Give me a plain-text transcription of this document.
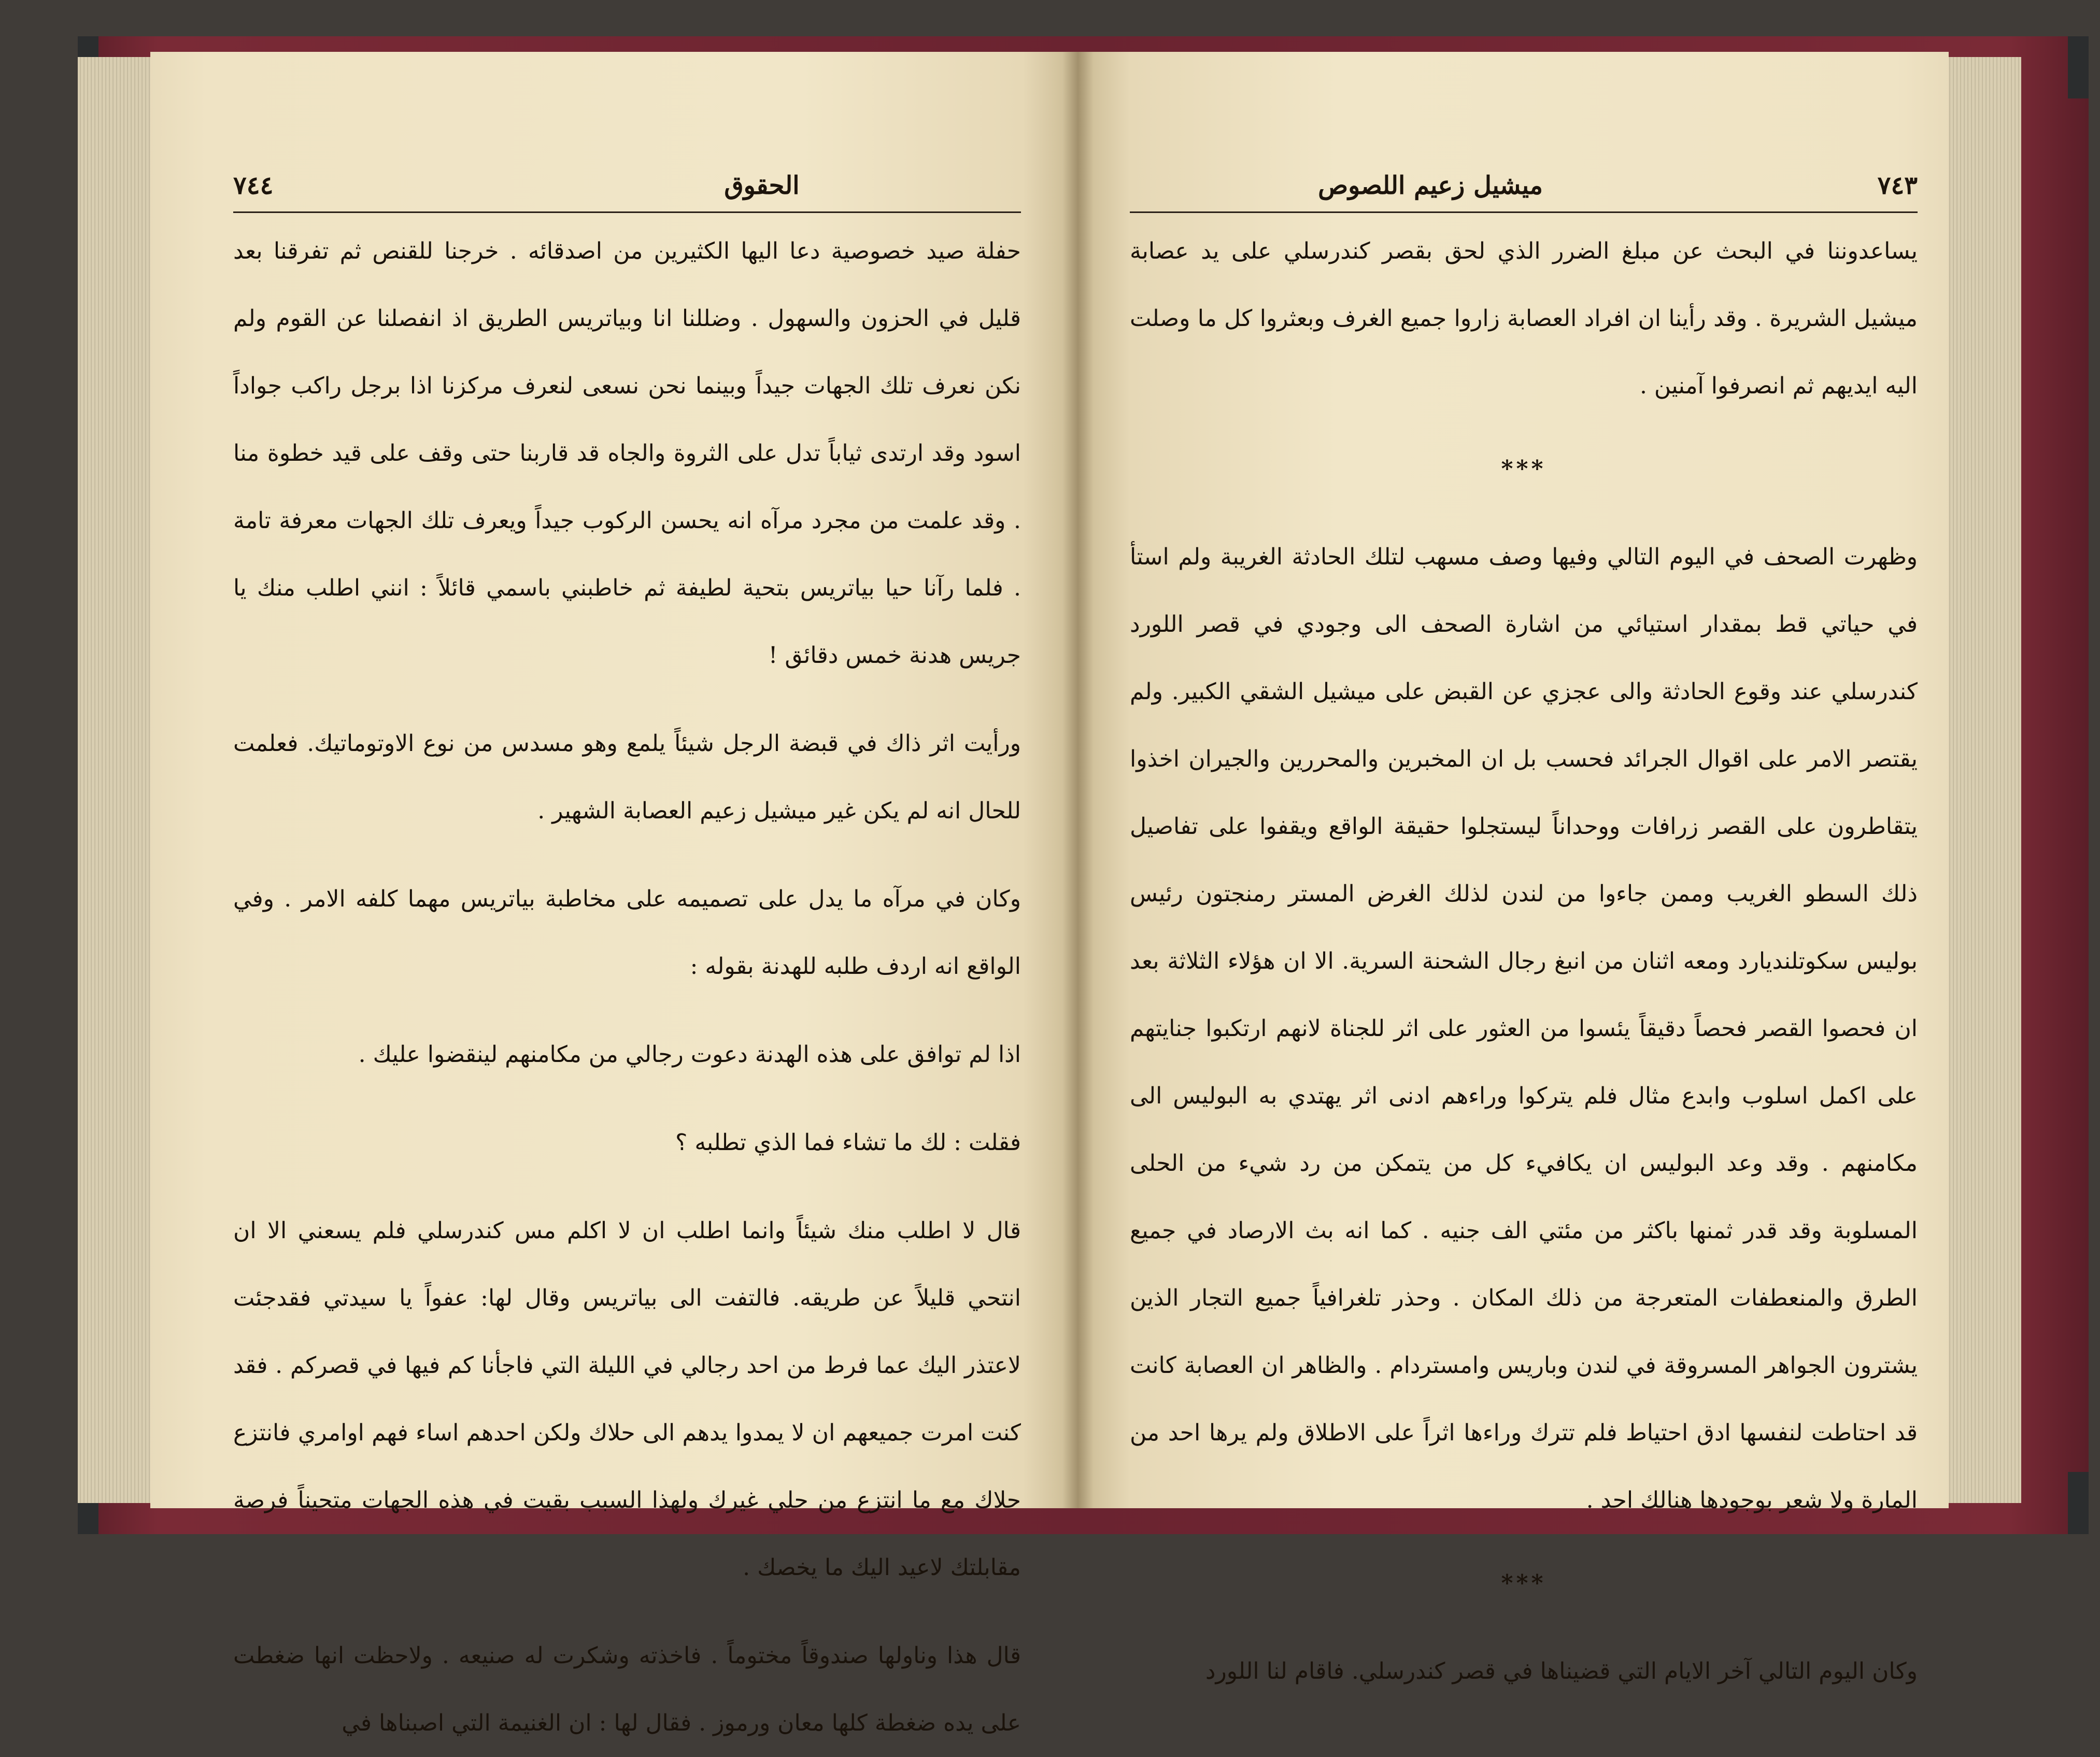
الحقوق
٧٤٤

حفلة صيد خصوصية دعا اليها الكثيرين من اصدقائه . خرجنا للقنص ثم تفرقنا بعد قليل في الحزون والسهول . وضللنا انا وبياتريس الطريق اذ انفصلنا عن القوم ولم نكن نعرف تلك الجهات جيداً وبينما نحن نسعى لنعرف مركزنا اذا برجل راكب جواداً اسود وقد ارتدى ثياباً تدل على الثروة والجاه قد قاربنا حتى وقف على قيد خطوة منا . وقد علمت من مجرد مرآه انه يحسن الركوب جيداً ويعرف تلك الجهات معرفة تامة . فلما رآنا حيا بياتريس بتحية لطيفة ثم خاطبني باسمي قائلاً : انني اطلب منك يا جريس هدنة خمس دقائق !

ورأيت اثر ذاك في قبضة الرجل شيئاً يلمع وهو مسدس من نوع الاوتوماتيك. فعلمت للحال انه لم يكن غير ميشيل زعيم العصابة الشهير .

وكان في مرآه ما يدل على تصميمه على مخاطبة بياتريس مهما كلفه الامر . وفي الواقع انه اردف طلبه للهدنة بقوله :

اذا لم توافق على هذه الهدنة دعوت رجالي من مكامنهم لينقضوا عليك .

فقلت : لك ما تشاء فما الذي تطلبه ؟

قال لا اطلب منك شيئاً وانما اطلب ان لا اكلم مس كندرسلي فلم يسعني الا ان انتحي قليلاً عن طريقه. فالتفت الى بياتريس وقال لها: عفواً يا سيدتي فقدجئت لاعتذر اليك عما فرط من احد رجالي في الليلة التي فاجأنا كم فيها في قصركم . فقد كنت امرت جميعهم ان لا يمدوا يدهم الى حلاك ولكن احدهم اساء فهم اوامري فانتزع حلاك مع ما انتزع من حلي غيرك ولهذا السبب بقيت في هذه الجهات متحيناً فرصة مقابلتك لاعيد اليك ما يخصك .

قال هذا وناولها صندوقاً مختوماً . فاخذته وشكرت له صنيعه . ولاحظت انها ضغطت على يده ضغطة كلها معان ورموز . فقال لها : ان الغنيمة التي اصبناها في

٧٤٣
ميشيل زعيم اللصوص

يساعدوننا في البحث عن مبلغ الضرر الذي لحق بقصر كندرسلي على يد عصابة ميشيل الشريرة . وقد رأينا ان افراد العصابة زاروا جميع الغرف وبعثروا كل ما وصلت اليه ايديهم ثم انصرفوا آمنين .

***

وظهرت الصحف في اليوم التالي وفيها وصف مسهب لتلك الحادثة الغريبة ولم استأ في حياتي قط بمقدار استيائي من اشارة الصحف الى وجودي في قصر اللورد كندرسلي عند وقوع الحادثة والى عجزي عن القبض على ميشيل الشقي الكبير. ولم يقتصر الامر على اقوال الجرائد فحسب بل ان المخبرين والمحررين والجيران اخذوا يتقاطرون على القصر زرافات ووحداناً ليستجلوا حقيقة الواقع ويقفوا على تفاصيل ذلك السطو الغريب وممن جاءوا من لندن لذلك الغرض المستر رمنجتون رئيس بوليس سكوتلنديارد ومعه اثنان من انبغ رجال الشحنة السرية. الا ان هؤلاء الثلاثة بعد ان فحصوا القصر فحصاً دقيقاً يئسوا من العثور على اثر للجناة لانهم ارتكبوا جنايتهم على اكمل اسلوب وابدع مثال فلم يتركوا وراءهم ادنى اثر يهتدي به البوليس الى مكامنهم . وقد وعد البوليس ان يكافيء كل من يتمكن من رد شيء من الحلى المسلوبة وقد قدر ثمنها باكثر من مئتي الف جنيه . كما انه بث الارصاد في جميع الطرق والمنعطفات المتعرجة من ذلك المكان . وحذر تلغرافياً جميع التجار الذين يشترون الجواهر المسروقة في لندن وباريس وامستردام . والظاهر ان العصابة كانت قد احتاطت لنفسها ادق احتياط فلم تترك وراءها اثراً على الاطلاق ولم يرها احد من المارة ولا شعر بوجودها هنالك احد .

***

وكان اليوم التالي آخر الايام التي قضيناها في قصر كندرسلي. فاقام لنا اللورد
